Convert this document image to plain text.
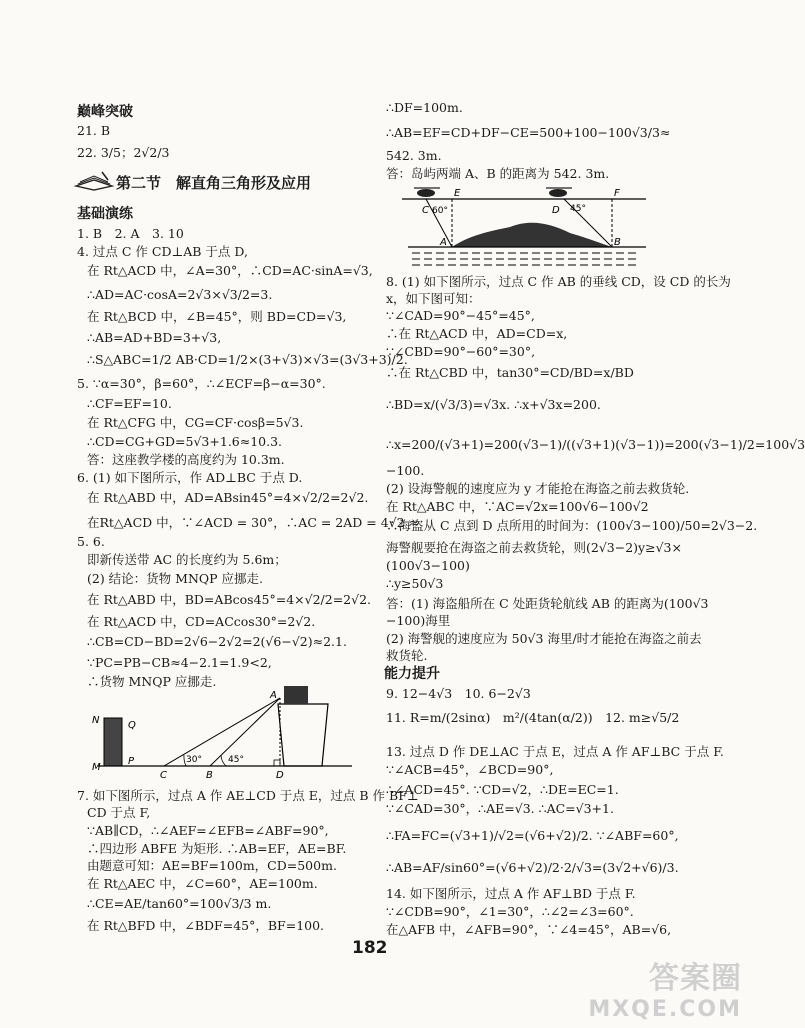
巅峰突破
21. B
22. 3/5；2√2/3
第二节　解直角三角形及应用
基础演练
1. B　2. A　3. 10
4. 过点 C 作 CD⊥AB 于点 D,
在 Rt△ACD 中，∠A=30°，∴CD=AC·sinA=√3,
∴AD=AC·cosA=2√3×√3/2=3.
在 Rt△BCD 中，∠B=45°，则 BD=CD=√3,
∴AB=AD+BD=3+√3,
∴S△ABC=1/2 AB·CD=1/2×(3+√3)×√3=(3√3+3)/2.
5. ∵α=30°，β=60°，∴∠ECF=β−α=30°.
∴CF=EF=10.
在 Rt△CFG 中，CG=CF·cosβ=5√3.
∴CD=CG+GD=5√3+1.6≈10.3.
答：这座教学楼的高度约为 10.3m.
6. (1) 如下图所示，作 AD⊥BC 于点 D.
在 Rt△ABD 中，AD=ABsin45°=4×√2/2=2√2.
在Rt△ACD 中，∵∠ACD = 30°，∴AC = 2AD = 4√2 ≈
5. 6.
即新传送带 AC 的长度约为 5.6m；
(2) 结论：货物 MNQP 应挪走.
在 Rt△ABD 中，BD=ABcos45°=4×√2/2=2√2.
在 Rt△ACD 中，CD=ACcos30°=2√2.
∴CB=CD−BD=2√6−2√2=2(√6−√2)≈2.1.
∵PC=PB−CB≈4−2.1=1.9<2,
∴货物 MNQP 应挪走.
N	Q
M
P
C	B	D
A
30°	45°
7. 如下图所示，过点 A 作 AE⊥CD 于点 E，过点 B 作 BF⊥
CD 于点 F,
∵AB∥CD，∴∠AEF=∠EFB=∠ABF=90°,
∴四边形 ABFE 为矩形. ∴AB=EF，AE=BF.
由题意可知：AE=BF=100m，CD=500m.
在 Rt△AEC 中，∠C=60°，AE=100m.
∴CE=AE/tan60°=100√3/3 m.
在 Rt△BFD 中，∠BDF=45°，BF=100.
∴DF=100m.
∴AB=EF=CD+DF−CE=500+100−100√3/3≈
542. 3m.
答：岛屿两端 A、B 的距离为 542. 3m.
E	F
C	D
A	B
60°	45°
8. (1) 如下图所示，过点 C 作 AB 的垂线 CD，设 CD 的长为
x，如下图可知：
∵∠CAD=90°−45°=45°,
∴在 Rt△ACD 中，AD=CD=x,
∵∠CBD=90°−60°=30°,
∴在 Rt△CBD 中，tan30°=CD/BD=x/BD
∴BD=x/(√3/3)=√3x. ∴x+√3x=200.
∴x=200/(√3+1)=200(√3−1)/((√3+1)(√3−1))=200(√3−1)/2=100√3
−100.
(2) 设海警舰的速度应为 y 才能抢在海盗之前去救货轮.
在 Rt△ABC 中，∵AC=√2x=100√6−100√2
∴海盗从 C 点到 D 点所用的时间为：(100√3−100)/50=2√3−2.
海警舰要抢在海盗之前去救货轮，则(2√3−2)y≥√3×
(100√3−100)
∴y≥50√3
答：(1) 海盗船所在 C 处距货轮航线 AB 的距离为(100√3
−100)海里
(2) 海警舰的速度应为 50√3 海里/时才能抢在海盗之前去
救货轮.
能力提升
9. 12−4√3　10. 6−2√3
11. R=m/(2sinα)　m²/(4tan(α/2))　12. m≥√5/2
13. 过点 D 作 DE⊥AC 于点 E，过点 A 作 AF⊥BC 于点 F.
∵∠ACB=45°，∠BCD=90°,
∴∠ACD=45°. ∵CD=√2，∴DE=EC=1.
∵∠CAD=30°，∴AE=√3. ∴AC=√3+1.
∴FA=FC=(√3+1)/√2=(√6+√2)/2. ∵∠ABF=60°,
∴AB=AF/sin60°=(√6+√2)/2·2/√3=(3√2+√6)/3.
14. 如下图所示，过点 A 作 AF⊥BD 于点 F.
∵∠CDB=90°，∠1=30°，∴∠2=∠3=60°.
在△AFB 中，∠AFB=90°，∵∠4=45°，AB=√6,
182
答案圈
MXQE.COM
